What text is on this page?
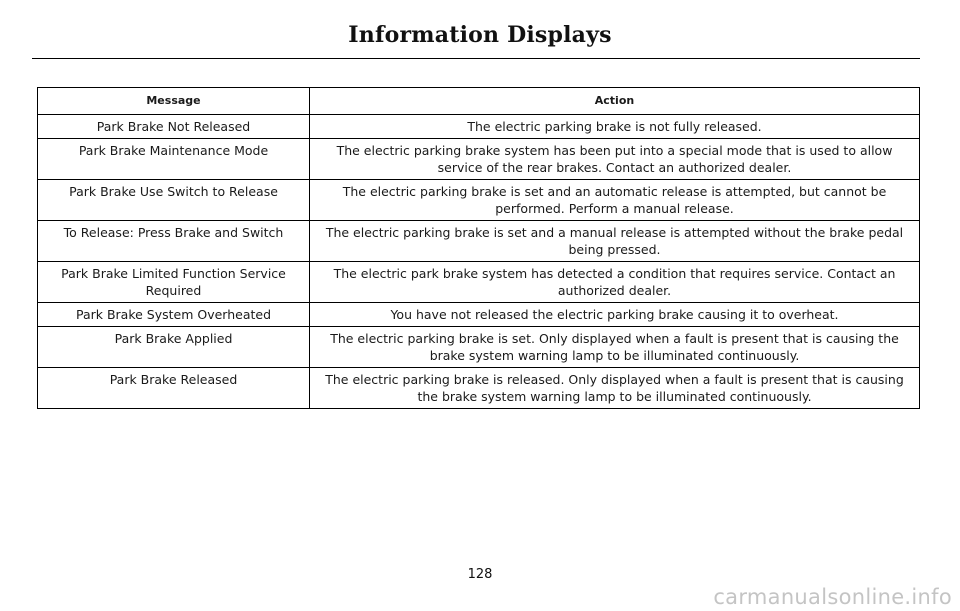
Information Displays
Message	Action
Park Brake Not Released	The electric parking brake is not fully released.
Park Brake Maintenance Mode	The electric parking brake system has been put into a special mode that is used to allow service of the rear brakes. Contact an authorized dealer.
Park Brake Use Switch to Release	The electric parking brake is set and an automatic release is attempted, but cannot be performed. Perform a manual release.
To Release: Press Brake and Switch	The electric parking brake is set and a manual release is attempted without the brake pedal being pressed.
Park Brake Limited Function Service Required	The electric park brake system has detected a condition that requires service. Contact an authorized dealer.
Park Brake System Overheated	You have not released the electric parking brake causing it to overheat.
Park Brake Applied	The electric parking brake is set. Only displayed when a fault is present that is causing the brake system warning lamp to be illuminated continuously.
Park Brake Released	The electric parking brake is released. Only displayed when a fault is present that is causing the brake system warning lamp to be illuminated continuously.
128
carmanualsonline.info
